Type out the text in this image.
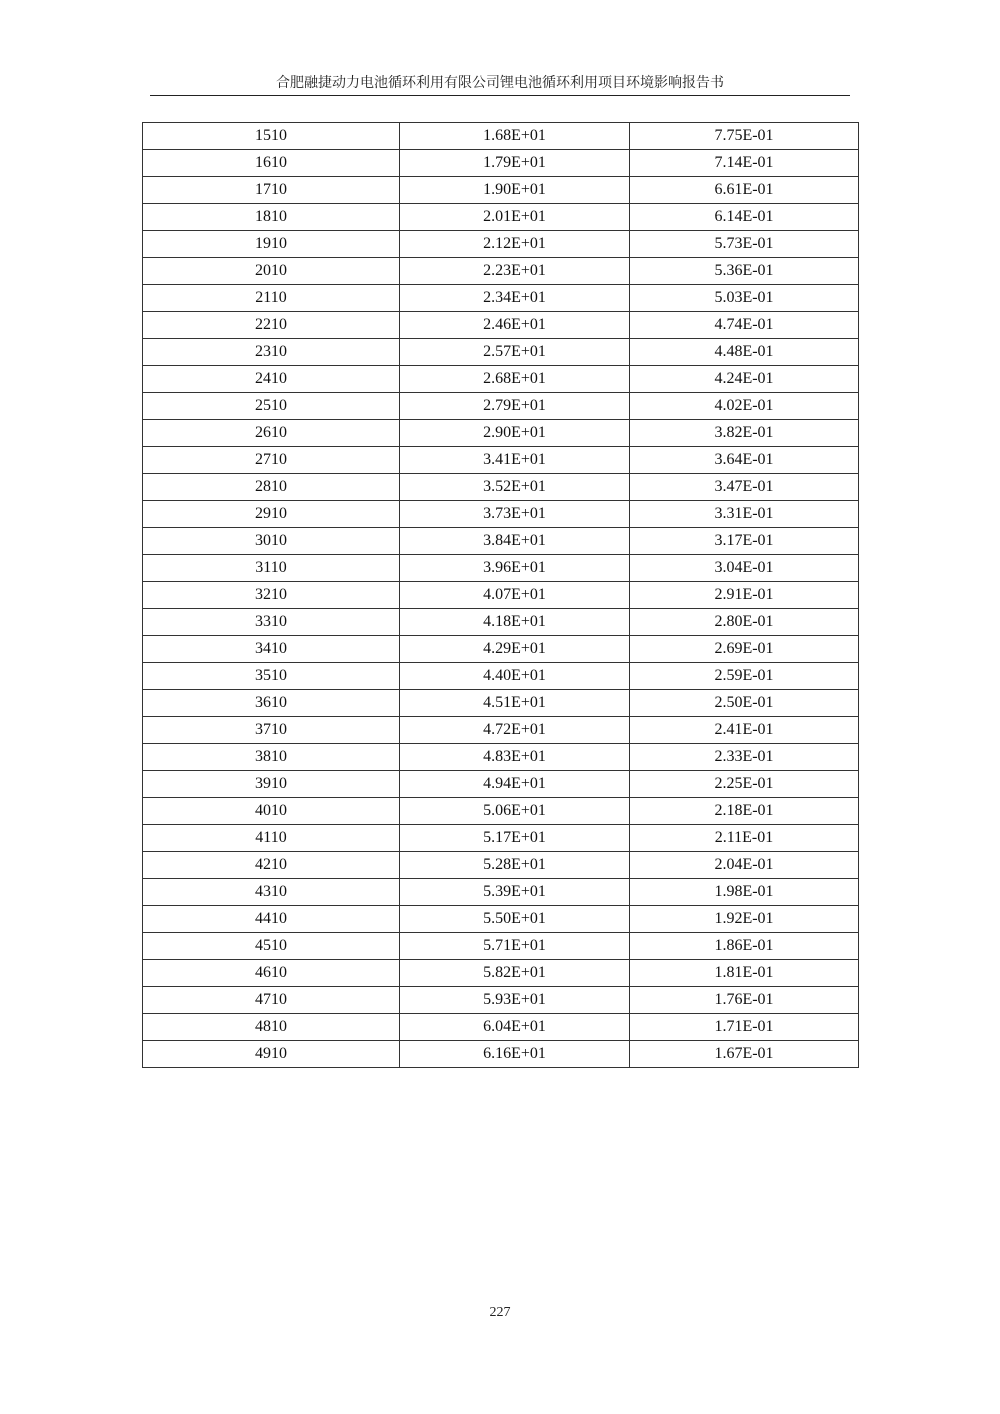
合肥融捷动力电池循环利用有限公司锂电池循环利用项目环境影响报告书
1510	1.68E+01	7.75E-01
1610	1.79E+01	7.14E-01
1710	1.90E+01	6.61E-01
1810	2.01E+01	6.14E-01
1910	2.12E+01	5.73E-01
2010	2.23E+01	5.36E-01
2110	2.34E+01	5.03E-01
2210	2.46E+01	4.74E-01
2310	2.57E+01	4.48E-01
2410	2.68E+01	4.24E-01
2510	2.79E+01	4.02E-01
2610	2.90E+01	3.82E-01
2710	3.41E+01	3.64E-01
2810	3.52E+01	3.47E-01
2910	3.73E+01	3.31E-01
3010	3.84E+01	3.17E-01
3110	3.96E+01	3.04E-01
3210	4.07E+01	2.91E-01
3310	4.18E+01	2.80E-01
3410	4.29E+01	2.69E-01
3510	4.40E+01	2.59E-01
3610	4.51E+01	2.50E-01
3710	4.72E+01	2.41E-01
3810	4.83E+01	2.33E-01
3910	4.94E+01	2.25E-01
4010	5.06E+01	2.18E-01
4110	5.17E+01	2.11E-01
4210	5.28E+01	2.04E-01
4310	5.39E+01	1.98E-01
4410	5.50E+01	1.92E-01
4510	5.71E+01	1.86E-01
4610	5.82E+01	1.81E-01
4710	5.93E+01	1.76E-01
4810	6.04E+01	1.71E-01
4910	6.16E+01	1.67E-01
227
